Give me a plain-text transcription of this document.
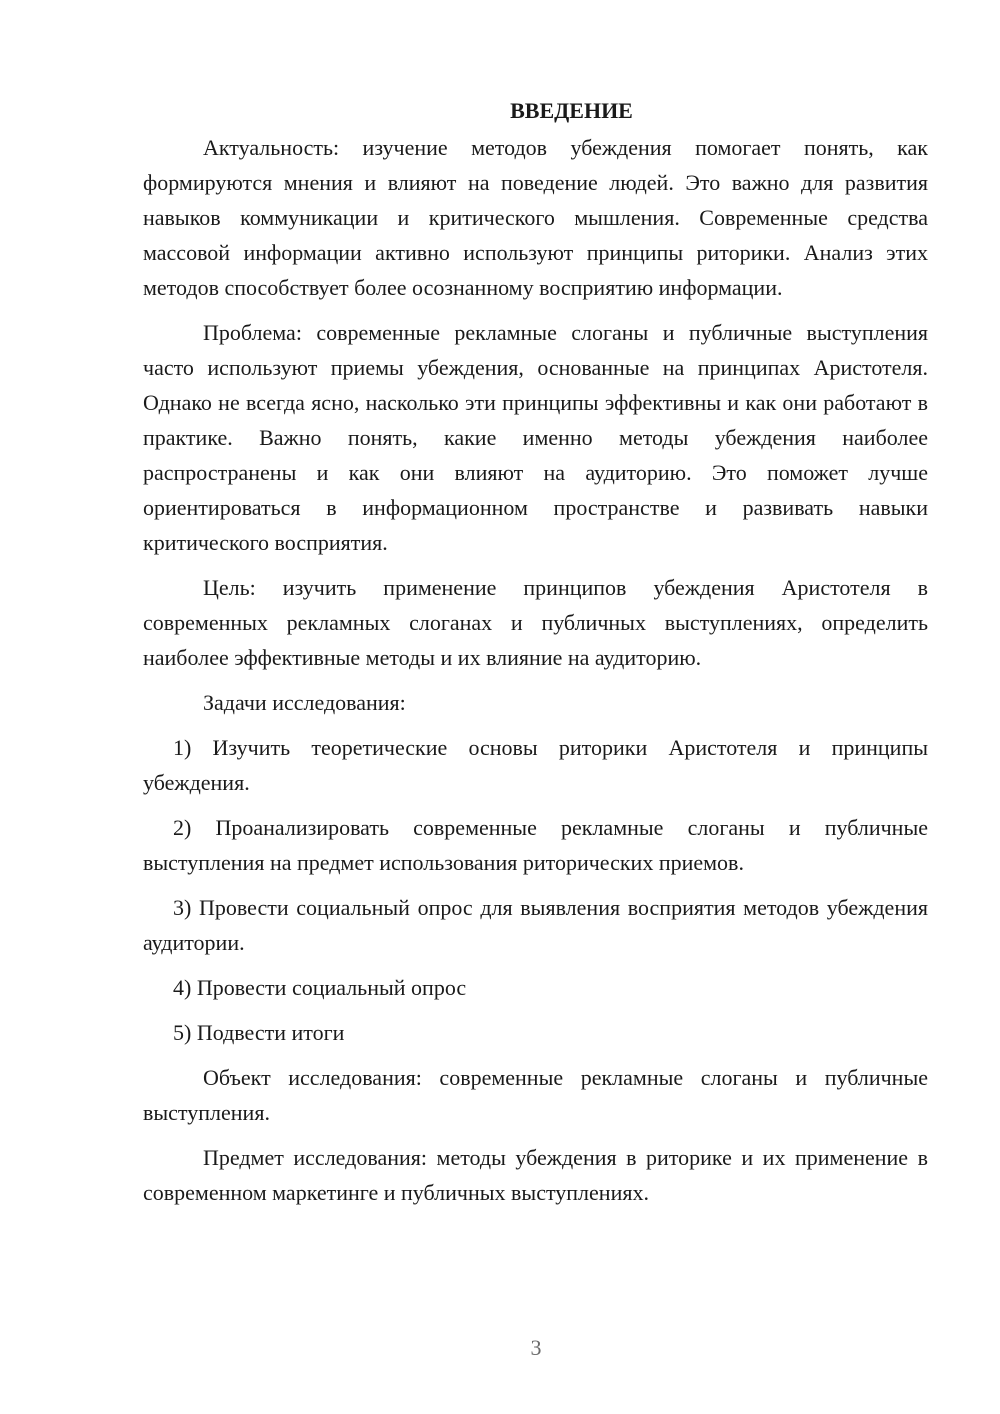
ВВЕДЕНИЕ

Актуальность: изучение методов убеждения помогает понять, как формируются мнения и влияют на поведение людей. Это важно для развития навыков коммуникации и критического мышления. Современные средства массовой информации активно используют принципы риторики. Анализ этих методов способствует более осознанному восприятию информации.

Проблема: современные рекламные слоганы и публичные выступления часто используют приемы убеждения, основанные на принципах Аристотеля. Однако не всегда ясно, насколько эти принципы эффективны и как они работают в практике. Важно понять, какие именно методы убеждения наиболее распространены и как они влияют на аудиторию. Это поможет лучше ориентироваться в информационном пространстве и развивать навыки критического восприятия.

Цель: изучить применение принципов убеждения Аристотеля в современных рекламных слоганах и публичных выступлениях, определить наиболее эффективные методы и их влияние на аудиторию.

Задачи исследования:

1) Изучить теоретические основы риторики Аристотеля и принципы убеждения.

2) Проанализировать современные рекламные слоганы и публичные выступления на предмет использования риторических приемов.

3) Провести социальный опрос для выявления восприятия методов убеждения аудитории.

4) Провести социальный опрос

5) Подвести итоги

Объект исследования: современные рекламные слоганы и публичные выступления.

Предмет исследования: методы убеждения в риторике и их применение в современном маркетинге и публичных выступлениях.

3
